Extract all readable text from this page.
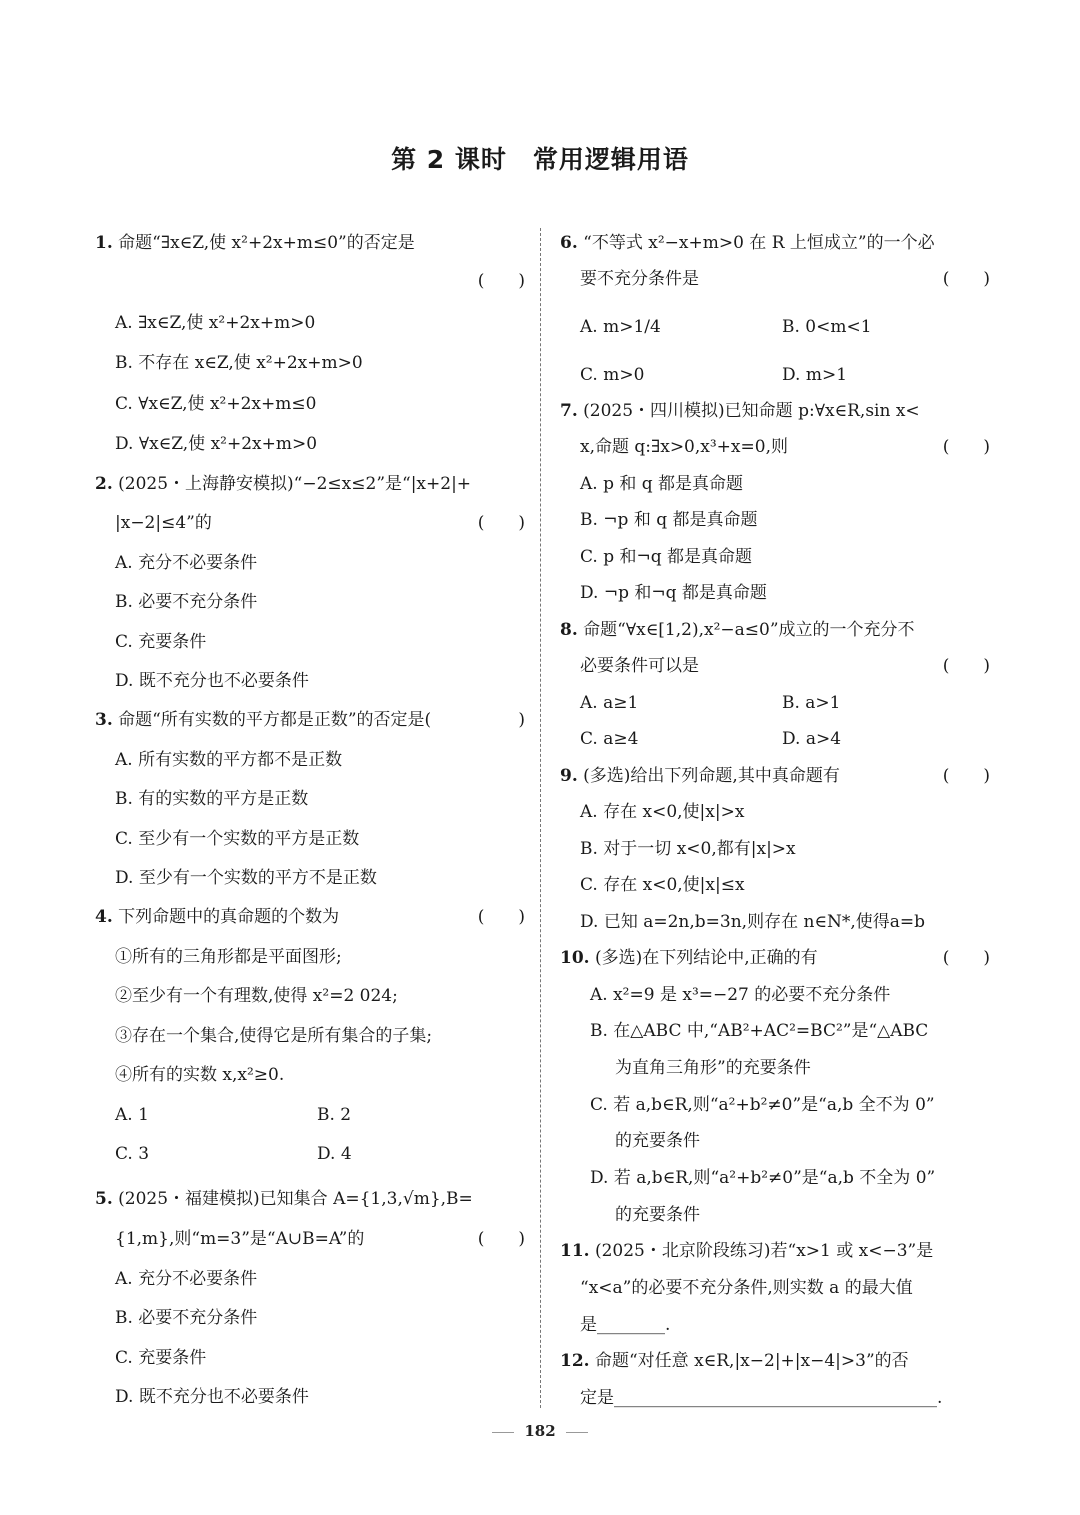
第 2 课时　常用逻辑用语
1. 命题“∃x∈Z,使 x²+2x+m≤0”的否定是
(　　)
A. ∃x∈Z,使 x²+2x+m>0
B. 不存在 x∈Z,使 x²+2x+m>0
C. ∀x∈Z,使 x²+2x+m≤0
D. ∀x∈Z,使 x²+2x+m>0
2. (2025・上海静安模拟)“−2≤x≤2”是“|x+2|+
|x−2|≤4”的	(　　)
A. 充分不必要条件
B. 必要不充分条件
C. 充要条件
D. 既不充分也不必要条件
3. 命题“所有实数的平方都是正数”的否定是(	　　)
A. 所有实数的平方都不是正数
B. 有的实数的平方是正数
C. 至少有一个实数的平方是正数
D. 至少有一个实数的平方不是正数
4. 下列命题中的真命题的个数为	(　　)
①所有的三角形都是平面图形;
②至少有一个有理数,使得 x²=2 024;
③存在一个集合,使得它是所有集合的子集;
④所有的实数 x,x²≥0.
A. 1	B. 2
C. 3	D. 4
5. (2025・福建模拟)已知集合 A={1,3,√m},B=
{1,m},则“m=3”是“A∪B=A”的	(　　)
A. 充分不必要条件
B. 必要不充分条件
C. 充要条件
D. 既不充分也不必要条件
6. “不等式 x²−x+m>0 在 R 上恒成立”的一个必
要不充分条件是	(　　)
A. m>1/4	B. 0<m<1
C. m>0	D. m>1
7. (2025・四川模拟)已知命题 p:∀x∈R,sin x<
x,命题 q:∃x>0,x³+x=0,则	(　　)
A. p 和 q 都是真命题
B. ¬p 和 q 都是真命题
C. p 和¬q 都是真命题
D. ¬p 和¬q 都是真命题
8. 命题“∀x∈[1,2),x²−a≤0”成立的一个充分不
必要条件可以是	(　　)
A. a≥1	B. a>1
C. a≥4	D. a>4
9. (多选)给出下列命题,其中真命题有	(　　)
A. 存在 x<0,使|x|>x
B. 对于一切 x<0,都有|x|>x
C. 存在 x<0,使|x|≤x
D. 已知 a=2n,b=3n,则存在 n∈N*,使得a=b
10. (多选)在下列结论中,正确的有	(　　)
A. x²=9 是 x³=−27 的必要不充分条件
B. 在△ABC 中,“AB²+AC²=BC²”是“△ABC
为直角三角形”的充要条件
C. 若 a,b∈R,则“a²+b²≠0”是“a,b 全不为 0”
的充要条件
D. 若 a,b∈R,则“a²+b²≠0”是“a,b 不全为 0”
的充要条件
11. (2025・北京阶段练习)若“x>1 或 x<−3”是
“x<a”的必要不充分条件,则实数 a 的最大值
是________.
12. 命题“对任意 x∈R,|x−2|+|x−4|>3”的否
定是______________________________________.
182
